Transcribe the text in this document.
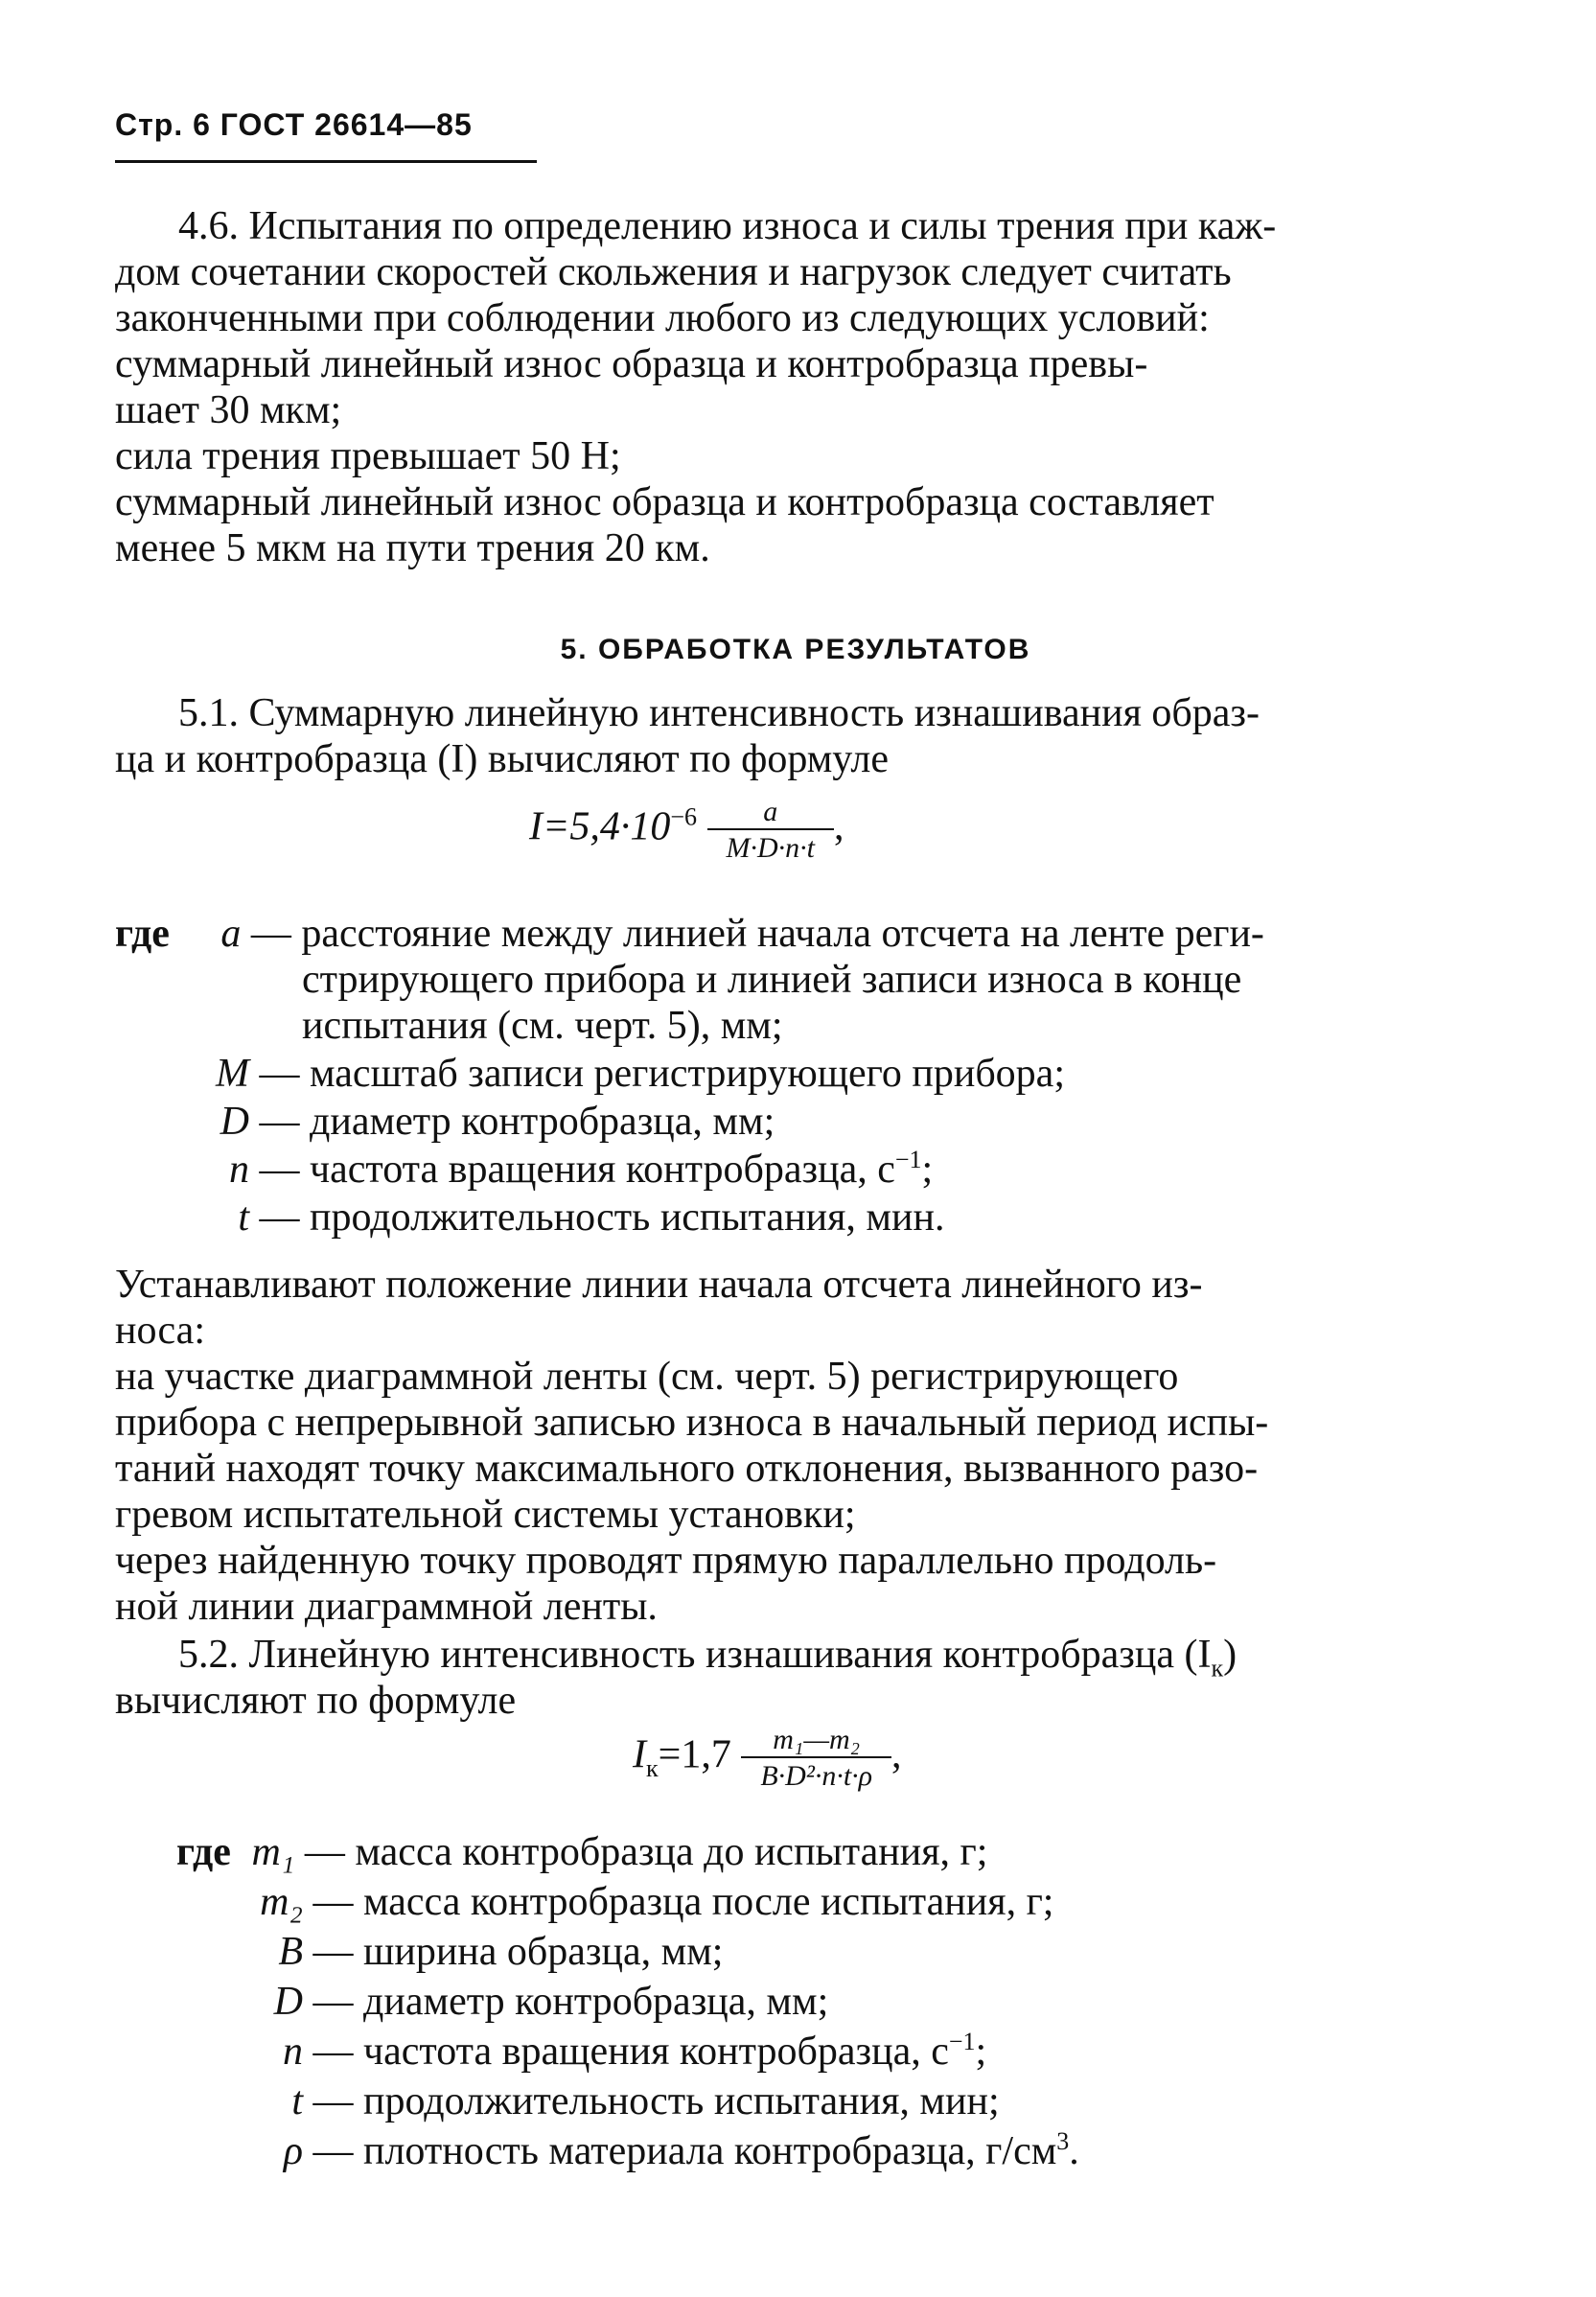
Стр. 6 ГОСТ 26614—85

4.6. Испытания по определению износа и силы трения при каж-

дом сочетании скоростей скольжения и нагрузок следует считать

законченными при соблюдении любого из следующих условий:

суммарный линейный износ образца и контробразца превы-

шает 30 мкм;

сила трения превышает 50 Н;

суммарный линейный износ образца и контробразца составляет

менее 5 мкм на пути трения 20 км.

5. ОБРАБОТКА РЕЗУЛЬТАТОВ

5.1. Суммарную линейную интенсивность изнашивания образ-

ца и контробразца (I) вычисляют по формуле

$I=5,4\cdot 10^{-6} \frac{a}{M\cdot D\cdot n\cdot t}$ ,
где a — расстояние между линией начала отсчета на ленте реги-
стрирующего прибора и линией записи износа в конце
испытания (см. черт. 5), мм;
M — масштаб записи регистрирующего прибора;
D — диаметр контробразца, мм;
n — частота вращения контробразца, $с^{-1}$;
t — продолжительность испытания, мин.

Устанавливают положение линии начала отсчета линейного из-

носа:

на участке диаграммной ленты (см. черт. 5) регистрирующего

прибора с непрерывной записью износа в начальный период испы-

таний находят точку максимального отклонения, вызванного разо-

гревом испытательной системы установки;

через найденную точку проводят прямую параллельно продоль-

ной линии диаграммной ленты.

5.2. Линейную интенсивность изнашивания контробразца $(I_к)$

вычисляют по формуле

$I_к=1,7 \frac{\text{m₁—m₂}}{\text{B·D²·n·t·ρ}}$ ,
где m₁ — масса контробразца до испытания, г;
m₂ — масса контробразца после испытания, г;
B — ширина образца, мм;
D — диаметр контробразца, мм;
n — частота вращения контробразца, $с^{-1}$;
t — продолжительность испытания, мин;
ρ — плотность материала контробразца, $г/см^3$.
